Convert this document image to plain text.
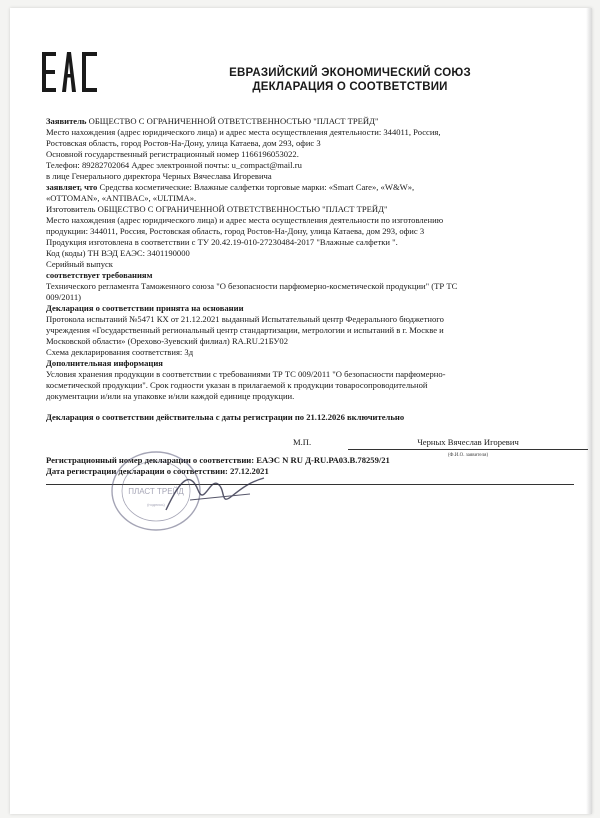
ЕВРАЗИЙСКИЙ ЭКОНОМИЧЕСКИЙ СОЮЗ
ДЕКЛАРАЦИЯ О СООТВЕТСТВИИ

Заявитель ОБЩЕСТВО С ОГРАНИЧЕННОЙ ОТВЕТСТВЕННОСТЬЮ "ПЛАСТ ТРЕЙД"

Место нахождения (адрес юридического лица) и адрес места осуществления деятельности: 344011, Россия,

Ростовская область, город Ростов-На-Дону, улица Катаева, дом 293, офис 3

Основной государственный регистрационный номер 1166196053022.

Телефон: 89282702064 Адрес электронной почты: u_compact@mail.ru

в лице Генерального директора Черных Вячеслава Игоревича

заявляет, что Средства косметические: Влажные салфетки торговые марки: «Smart Care», «W&W»,

«OTTOMAN», «ANTIBAC», «ULTIMA».

Изготовитель ОБЩЕСТВО С ОГРАНИЧЕННОЙ ОТВЕТСТВЕННОСТЬЮ "ПЛАСТ ТРЕЙД"

Место нахождения (адрес юридического лица) и адрес места осуществления деятельности по изготовлению

продукции: 344011, Россия, Ростовская область, город Ростов-На-Дону, улица Катаева, дом 293, офис 3

Продукция изготовлена в соответствии с ТУ 20.42.19-010-27230484-2017 "Влажные салфетки ".

Код (коды) ТН ВЭД ЕАЭС: 3401190000

Серийный выпуск

соответствует требованиям

Технического регламента Таможенного союза "О безопасности парфюмерно-косметической продукции" (ТР ТС

009/2011)

Декларация о соответствии принята на основании

Протокола испытаний №5471 КХ от 21.12.2021 выданный Испытательный центр Федерального бюджетного

учреждения «Государственный региональный центр стандартизации, метрологии и испытаний в г. Москве и

Московской области» (Орехово-Зуевский филиал) RA.RU.21БУ02

Схема декларирования соответствия: 3д

Дополнительная информация

Условия хранения продукции в соответствии с требованиями ТР ТС 009/2011 "О безопасности парфюмерно-

косметической продукции". Срок годности указан в прилагаемой к продукции товаросопроводительной

документации и/или на упаковке и/или каждой единице продукции.

Декларация о соответствии действительна с даты регистрации по 21.12.2026 включительно

М.П.	Черных Вячеслав Игоревич
(Ф.И.О. заявителя)

Регистрационный номер декларации о соответствии: ЕАЭС N RU Д-RU.РА03.В.78259/21

Дата регистрации декларации о соответствии: 27.12.2021

ПЛАСТ ТРЕЙД
(подпись)
